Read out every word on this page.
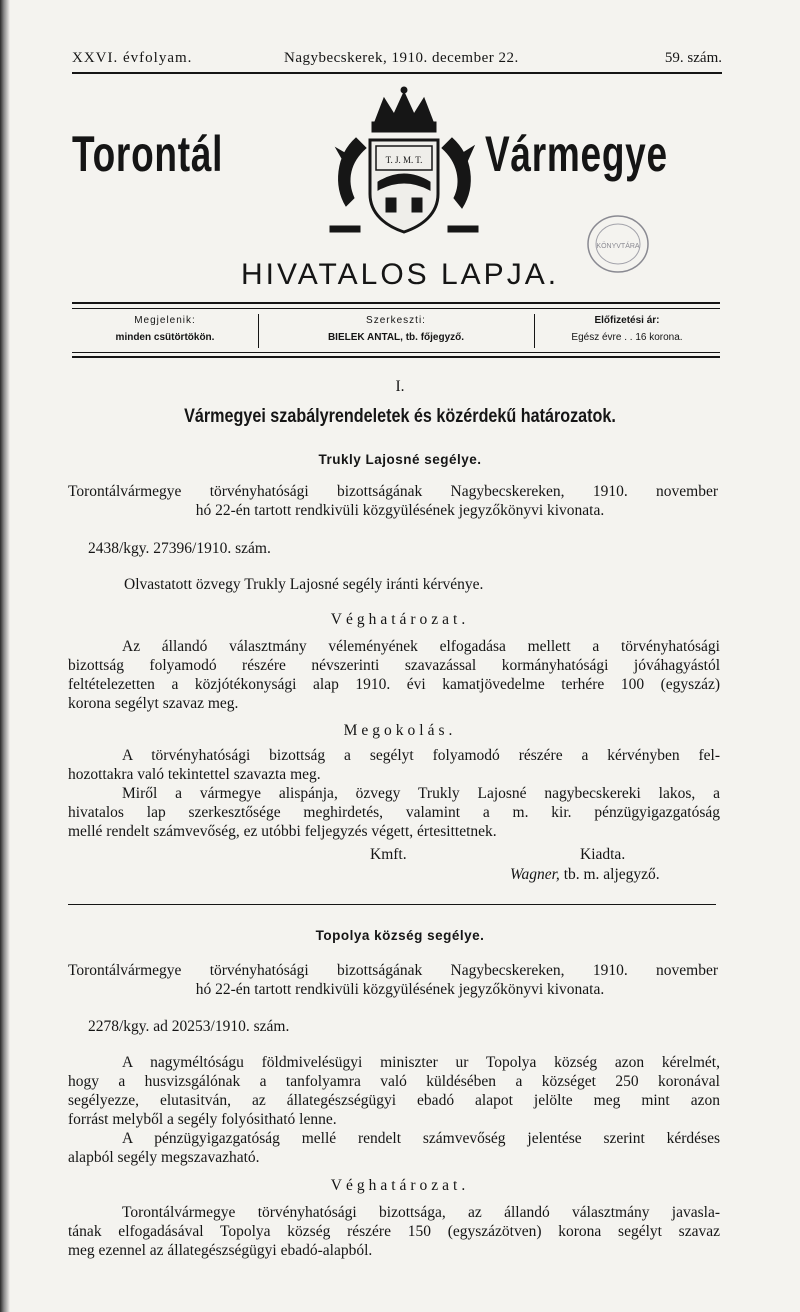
XXVI. évfolyam.	Nagybecskerek, 1910. december 22.	59. szám.
Torontál	Vármegye
T. J. M. T.
HIVATALOS LAPJA.
KÖNYVTÁRA
Megjelenik:
minden csütörtökön.
Szerkeszti:
BIELEK ANTAL, tb. főjegyző.
Előfizetési ár:
Egész évre . . 16 korona.
I.
Vármegyei szabályrendeletek és közérdekű határozatok.
Trukly Lajosné segélye.
Torontálvármegye törvényhatósági bizottságának Nagybecskereken, 1910. november
hó 22-én tartott rendkivüli közgyülésének jegyzőkönyvi kivonata.
2438/kgy. 27396/1910. szám.
Olvastatott özvegy Trukly Lajosné segély iránti kérvénye.
Véghatározat.
Az állandó választmány véleményének elfogadása mellett a törvényhatósági
bizottság folyamodó részére névszerinti szavazással kormányhatósági jóváhagyástól
feltételezetten a közjótékonysági alap 1910. évi kamatjövedelme terhére 100 (egyszáz)
korona segélyt szavaz meg.
Megokolás.
A törvényhatósági bizottság a segélyt folyamodó részére a kérvényben fel-
hozottakra való tekintettel szavazta meg.
Miről a vármegye alispánja, özvegy Trukly Lajosné nagybecskereki lakos, a
hivatalos lap szerkesztősége meghirdetés, valamint a m. kir. pénzügyigazgatóság
mellé rendelt számvevőség, ez utóbbi feljegyzés végett, értesittetnek.
Kmft.	Kiadta.
Wagner, tb. m. aljegyző.
Topolya község segélye.
Torontálvármegye törvényhatósági bizottságának Nagybecskereken, 1910. november
hó 22-én tartott rendkivüli közgyülésének jegyzőkönyvi kivonata.
2278/kgy. ad 20253/1910. szám.
A nagyméltóságu földmivelésügyi miniszter ur Topolya község azon kérelmét,
hogy a husvizsgálónak a tanfolyamra való küldésében a községet 250 koronával
segélyezze, elutasitván, az állategészségügyi ebadó alapot jelölte meg mint azon
forrást melyből a segély folyósitható lenne.
A pénzügyigazgatóság mellé rendelt számvevőség jelentése szerint kérdéses
alapból segély megszavazható.
Véghatározat.
Torontálvármegye törvényhatósági bizottsága, az állandó választmány javasla-
tának elfogadásával Topolya község részére 150 (egyszázötven) korona segélyt szavaz
meg ezennel az állategészségügyi ebadó-alapból.
